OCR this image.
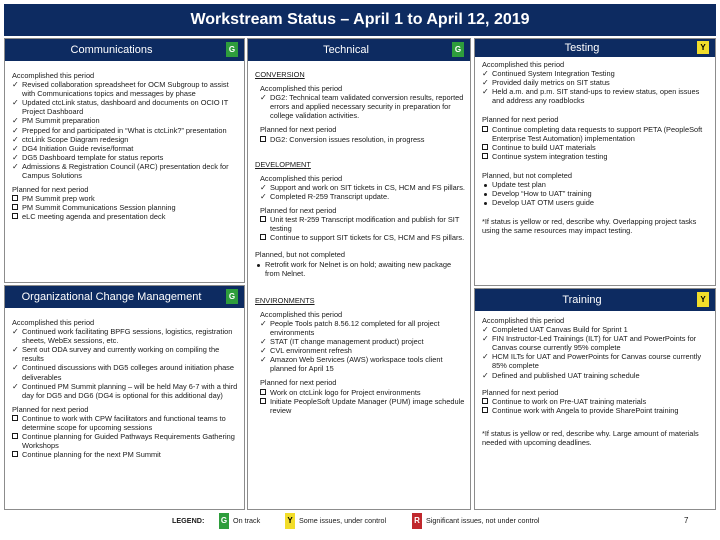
Workstream Status – April 1 to April 12, 2019
Communications	G
Accomplished this period
✓ Revised collaboration spreadsheet for OCM Subgroup to assist with Communications topics and messages by phase
✓ Updated ctcLink status, dashboard and documents on OCIO IT Project Dashboard
✓ PM Summit preparation
✓ Prepped for and participated in “What is ctcLink?” presentation
✓ ctcLink Scope Diagram redesign
✓ DG4 Initiation Guide revise/format
✓ DG5 Dashboard template for status reports
✓ Admissions & Registration Council (ARC) presentation deck for Campus Solutions
Planned for next period
PM Summit prep work
PM Summit Communications Session planning
eLC meeting agenda and presentation deck
Organizational Change Management	G
Accomplished this period
✓ Continued work facilitating BPFG sessions, logistics, registration sheets, WebEx sessions, etc.
✓ Sent out ODA survey and currently working on compiling the results
✓ Continued discussions with DG5 colleges around initiation phase deliverables
✓ Continued PM Summit planning – will be held May 6-7 with a third day for DG5 and DG6 (DG4 is optional for this additional day)
Planned for next period
Continue to work with CPW facilitators and functional teams to determine scope for upcoming sessions
Continue planning for Guided Pathways Requirements Gathering Workshops
Continue planning for the next PM Summit
Technical	G
CONVERSION
Accomplished this period
✓ DG2: Technical team validated conversion results, reported errors and applied necessary security in preparation for college validation activities.
Planned for next period
DG2: Conversion issues resolution, in progress
DEVELOPMENT
Accomplished this period
✓ Support and work on SIT tickets in CS, HCM and FS pillars.
✓ Completed R-259 Transcript update.
Planned for next period
Unit test R-259 Transcript modification and publish for SIT testing
Continue to support SIT tickets for CS, HCM and FS pillars.
Planned, but not completed
Retrofit work for Nelnet is on hold; awaiting new package from Nelnet.
ENVIRONMENTS
Accomplished this period
✓ People Tools patch 8.56.12 completed for all project environments
✓ STAT (IT change management product) project
✓ CVL environment refresh
✓ Amazon Web Services (AWS) workspace tools client planned for April 15
Planned for next period
Work on ctcLink logo for Project environments
Initiate PeopleSoft Update Manager (PUM) image schedule review
Testing	Y
Accomplished this period
✓ Continued System Integration Testing
✓ Provided daily metrics on SIT status
✓ Held a.m. and p.m. SIT stand-ups to review status, open issues and address any roadblocks
Planned for next period
Continue completing data requests to support PETA (PeopleSoft Enterprise Test Automation) implementation
Continue to build UAT materials
Continue system integration testing
Planned, but not completed
Update test plan
Develop “How to UAT” training
Develop UAT OTM users guide
*If status is yellow or red, describe why. Overlapping project tasks using the same resources may impact testing.
Training	Y
Accomplished this period
✓ Completed UAT Canvas Build for Sprint 1
✓ FIN Instructor-Led Trainings (ILT) for UAT and PowerPoints for Canvas course currently 95% complete
✓ HCM ILTs for UAT and PowerPoints for Canvas course currently 85% complete
✓ Defined and published UAT training schedule
Planned for next period
Continue to work on Pre-UAT training materials
Continue work with Angela to provide SharePoint training
*If status is yellow or red, describe why. Large amount of materials needed with upcoming deadlines.
LEGEND: G On track	Y Some issues, under control	R Significant issues, not under control	7
